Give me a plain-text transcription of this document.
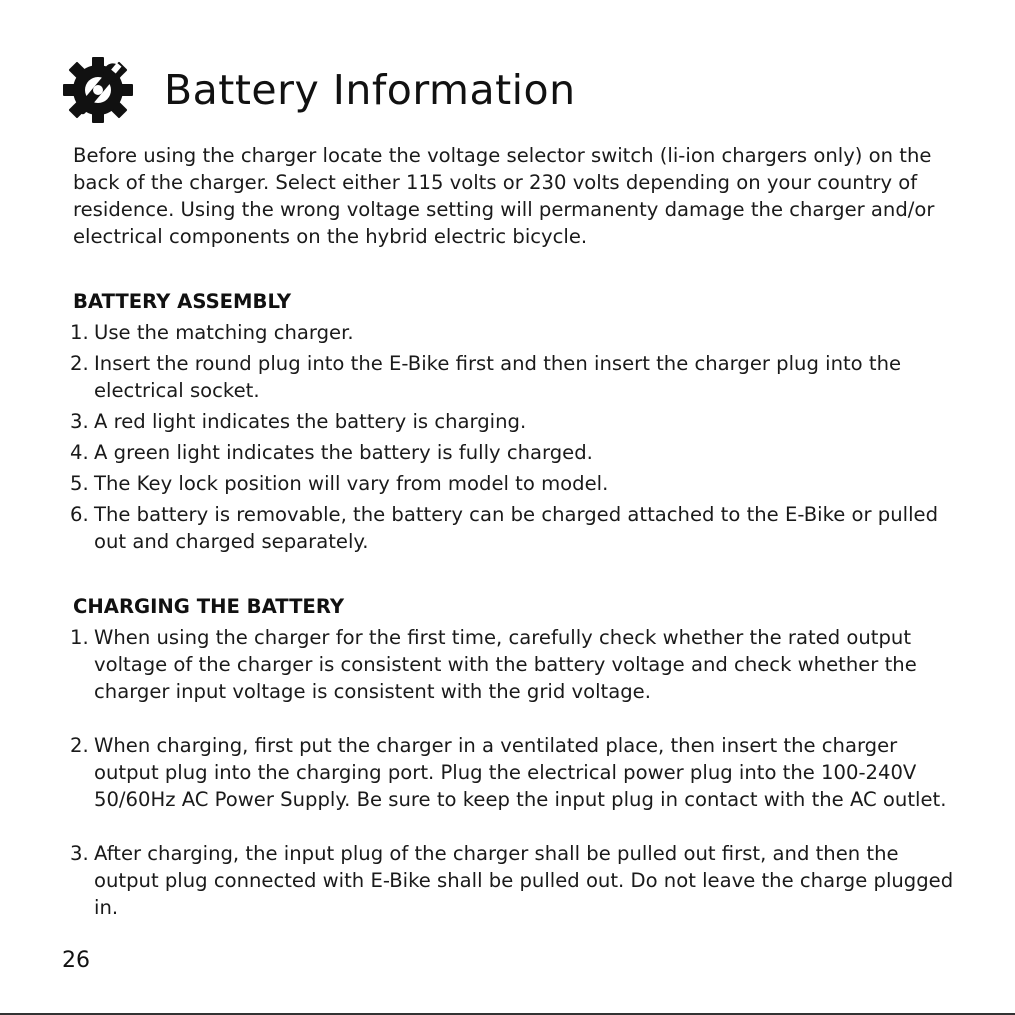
Battery Information

Before using the charger locate the voltage selector switch (li-ion chargers only) on the back of the charger. Select either 115 volts or 230 volts depending on your country of residence. Using the wrong voltage setting will permanenty damage the charger and/or electrical components on the hybrid electric bicycle.

BATTERY ASSEMBLY
1. Use the matching charger.
2. Insert the round plug into the E-Bike first and then insert the charger plug into the electrical socket.
3. A red light indicates the battery is charging.
4. A green light indicates the battery is fully charged.
5. The Key lock position will vary from model to model.
6. The battery is removable, the battery can be charged attached to the E-Bike or pulled out and charged separately.
CHARGING THE BATTERY
1. When using the charger for the first time, carefully check whether the rated output voltage of the charger is consistent with the battery voltage and check whether the charger input voltage is consistent with the grid voltage.
2. When charging, first put the charger in a ventilated place, then insert the charger output plug into the charging port. Plug the electrical power plug into the 100-240V 50/60Hz AC Power Supply. Be sure to keep the input plug in contact with the AC outlet.
3. After charging, the input plug of the charger shall be pulled out first, and then the output plug connected with E-Bike shall be pulled out. Do not leave the charge plugged in.
26
